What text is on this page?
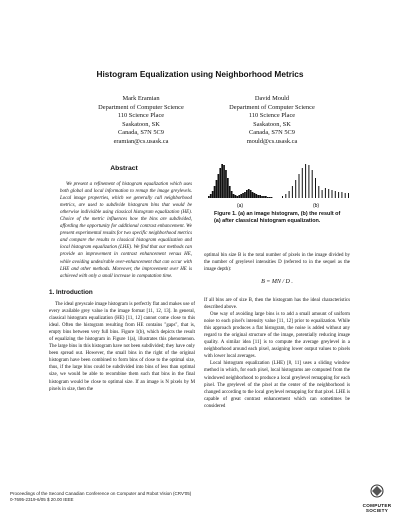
Histogram Equalization using Neighborhood Metrics
Mark Eramian
Department of Computer Science
110 Science Place
Saskatoon, SK
Canada, S7N 5C9
eramian@cs.usask.ca
David Mould
Department of Computer Science
110 Science Place
Saskatoon, SK
Canada, S7N 5C9
mould@cs.usask.ca
Abstract

We present a refinement of histogram equalization which uses both global and local information to remap the image greylevels. Local image properties, which we generally call neighborhood metrics, are used to subdivide histogram bins that would be otherwise indivisible using classical histogram equalization (HE). Choice of the metric influences how the bins are subdivided, affording the opportunity for additional contrast enhancement. We present experimental results for two specific neighborhood metrics and compare the results to classical histogram equalization and local histogram equalization (LHE). We find that our methods can provide an improvement in contrast enhancement versus HE, while avoiding undesirable over-enhancement that can occur with LHE and other methods. Moreover, the improvement over HE is achieved with only a small increase in computation time.

1. Introduction

The ideal greyscale image histogram is perfectly flat and makes use of every available grey value in the image format [11, 12, 13]. In general, classical histogram equalization (HE) [11, 12] cannot come close to this ideal. Often the histogram resulting from HE contains "gaps", that is, empty bins between very full bins. Figure 1(b), which depicts the result of equalizing the histogram in Figure 1(a), illustrates this phenomenon. The large bins in this histogram have not been subdivided; they have only been spread out. However, the small bins in the right of the original histogram have been combined to form bins of close to the optimal size, thus, if the large bins could be subdivided into bins of less than optimal size, we would be able to recombine them such that bins in the final histogram would be close to optimal size. If an image is N pixels by M pixels in size, then the

(a)	(b)
Figure 1. (a) an image histogram, (b) the result of (a) after classical histogram equalization.

optimal bin size B is the total number of pixels in the image divided by the number of greylevel intensities D (referred to in the sequel as the image depth):

B = MN / D .

If all bins are of size B, then the histogram has the ideal characteristics described above.

One way of avoiding large bins is to add a small amount of uniform noise to each pixel's intensity value [11, 12] prior to equalization. While this approach produces a flat histogram, the noise is added without any regard to the original structure of the image, potentially reducing image quality. A similar idea [11] is to compute the average greylevel in a neighborhood around each pixel, assigning lower output values to pixels with lower local averages.

Local histogram equalization (LHE) [8, 11] uses a sliding window method in which, for each pixel, local histograms are computed from the windowed neighborhood to produce a local greylevel remapping for each pixel. The greylevel of the pixel at the center of the neighborhood is changed according to the local greylevel remapping for that pixel. LHE is capable of great contrast enhancement which can sometimes be considered

Proceedings of the Second Canadian Conference on Computer and Robot Vision (CRV'05)
0-7695-2319-6/05 $ 20.00 IEEE
COMPUTER
SOCIETY
